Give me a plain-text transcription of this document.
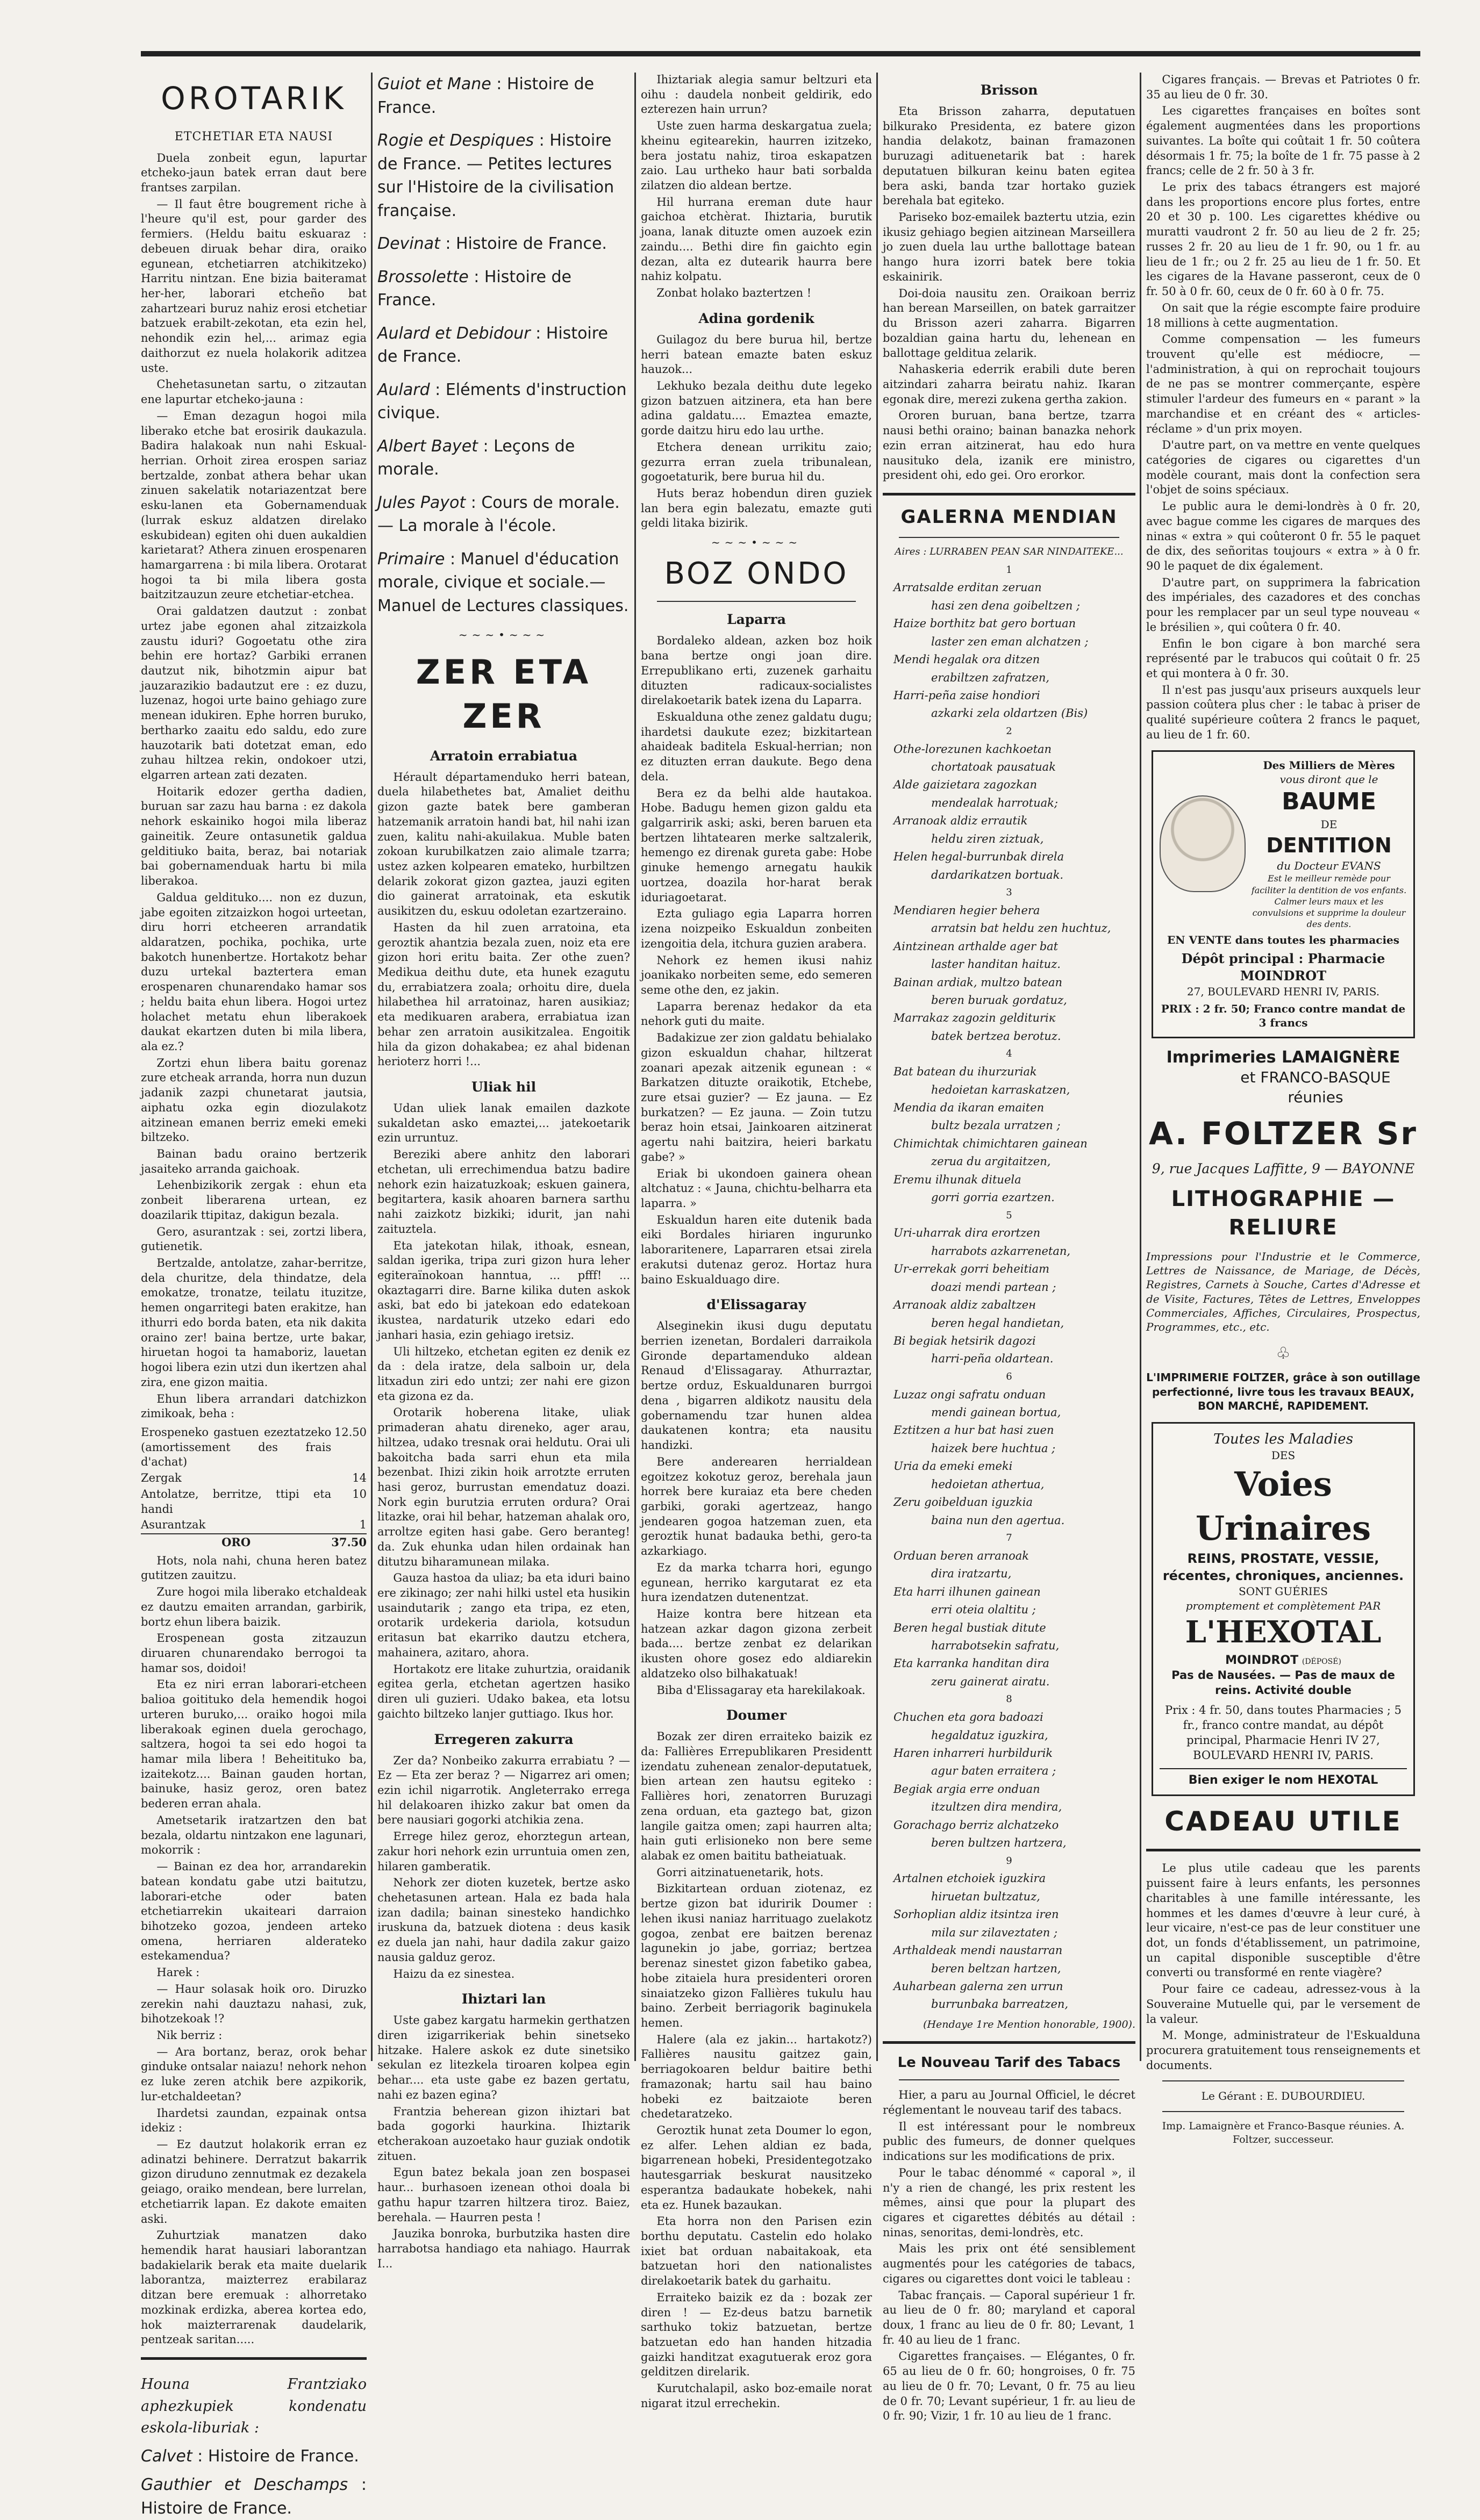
OROTARIK
ETCHETIAR ETA NAUSI

Duela zonbeit egun, lapurtar etcheko-jaun batek erran daut bere frantses zarpilan.

— Il faut être bougrement riche à l'heure qu'il est, pour garder des fermiers. (Heldu baitu eskuaraz : debeuen diruak behar dira, oraiko egunean, etchetiarren atchikitzeko) Harritu nintzan. Ene bizia baiteramat her-her, laborari etcheño bat zahartzeari buruz nahiz erosi etchetiar batzuek erabilt-zekotan, eta ezin hel, nehondik ezin hel,... arimaz egia daithorzut ez nuela holakorik aditzea uste.

Chehetasunetan sartu, o zitzautan ene lapurtar etcheko-jauna :

— Eman dezagun hogoi mila liberako etche bat erosirik daukazula. Badira halakoak nun nahi Eskual-herrian. Orhoit zirea erospen sariaz bertzalde, zonbat athera behar ukan zinuen sakelatik notariazentzat bere esku-lanen eta Gobernamenduak (lurrak eskuz aldatzen direlako eskubidean) egiten ohi duen aukaldien karietarat? Athera zinuen erospenaren hamargarrena : bi mila libera. Orotarat hogoi ta bi mila libera gosta baitzitzauzun zeure etchetiar-etchea.

Orai galdatzen dautzut : zonbat urtez jabe egonen ahal zitzaizkola zaustu iduri? Gogoetatu othe zira behin ere hortaz? Garbiki erranen dautzut nik, bihotzmin aipur bat jauzarazikio badautzut ere : ez duzu, luzenaz, hogoi urte baino gehiago zure menean idukiren. Ephe horren buruko, bertharko zaaitu edo saldu, edo zure hauzotarik bati dotetzat eman, edo zuhau hiltzea rekin, ondokoer utzi, elgarren artean zati dezaten.

Hoitarik edozer gertha dadien, buruan sar zazu hau barna : ez dakola nehork eskainiko hogoi mila liberaz gaineitik. Zeure ontasunetik galdua gelditiuko baita, beraz, bai notariak bai gobernamenduak hartu bi mila liberakoa.

Galdua gelditukо.... non ez duzun, jabe egoiten zitzaizkon hogoi urteetan, diru horri etcheeren arrandatik aldaratzen, pochika, pochika, urte bakotch hunenbertze. Hortakotz behar duzu urtekal baztertera eman erospenaren chunarendako hamar sos ; heldu baita ehun libera. Hogoi urtez holachet metatu ehun liberakoek daukat ekartzen duten bi mila libera, ala ez.?

Zortzi ehun libera baitu gorenaz zure etcheak arranda, horra nun duzun jadanik zazpi chunetarat jautsia, aiphatu ozka egin diozulakotz aitzinean emanen berriz emeki emeki biltzeko.

Bainan badu oraino bertzerik jasaiteko arranda gaichoak.

Lehenbizikorik zergak : ehun eta zonbeit liberarena urtean, ez doazilarik ttipitaz, dakigun bezala.

Gero, asurantzak : sei, zortzi libera, gutienetik.

Bertzalde, antolatze, zahar-berritze, dela churitze, dela thindatze, dela emokatze, tronatze, teilatu ituzitze, hemen ongarritegi baten erakitze, han ithurri edo borda baten, eta nik dakita oraino zer! baina bertze, urte bakar, hiruetan hogoi ta hamaboriz, lauetan hogoi libera ezin utzi dun ikertzen ahal zira, ene gizon maitia.

Ehun libera arrandari datchizkon zimikoak, beha :

Erospeneko gastuen ezeztatzeko (amortissement des frais d'achat)	12.50
Zergak	14
Antolatze, berritze, ttipi eta handi	10
Asurantzak	1
ORO	37.50

Hots, nola nahi, chuna heren batez gutitzen zauitzu.

Zure hogoi mila liberako etchaldeak ez dautzu emaiten arrandan, garbirik, bortz ehun libera baizik.

Erospenean gosta zitzauzun diruaren chunarendako berrogoi ta hamar sos, doidoi!

Eta ez niri erran laborari-etcheen balioa goitituko dela hemendik hogoi urteren buruko,... oraiko hogoi mila liberakoak eginen duela gerochago, saltzera, hogoi ta sei edo hogoi ta hamar mila libera ! Beheitituko ba, izaitekotz.... Bainan gauden hortan, bainuke, hasiz geroz, oren batez bederen erran ahala.

Ametsetarik iratzartzen den bat bezala, oldartu nintzakon ene lagunari, mokorrik :

— Bainan ez dea hor, arrandarekin batean kondatu gabe utzi baitutzu, laborari-etche oder baten etchetiarrekin ukaiteari darraion bihotzeko gozoa, jendeen arteko omena, herriaren alderateko estekamendua?

Harek :

— Haur solasak hoik oro. Diruzko zerekin nahi dauztazu nahasi, zuk, bihotzekoak !?

Nik berriz :

— Ara bortanz, beraz, orok behar ginduke ontsalar naiazu! nehork nehon ez luke zeren atchik bere azpikorik, lur-etchaldeetan?

Ihardetsi zaundan, ezpainak ontsa idekiz :

— Ez dautzut holakorik erran ez adinatzi behinere. Derratzut bakarrik gizon diruduno zennutmak ez dezakela geiago, oraiko mendean, bere lurrelan, etchetiarrik lapan. Ez dakote emaiten aski.

Zuhurtziak manatzen dako hemendik harat hausiari laborantzan badakielarik berak eta maite duelarik laborantza, maizterrez erabilaraz ditzan bere eremuak : alhorretako mozkinak erdizka, aberea kortea edo, hok maizterrarenak daudelarik, pentzeak saritan.....

Houna Frantziako aphezkupiek kondenatu eskola-liburiak :

Calvet : Histoire de France.

Gauthier et Deschamps : Histoire de France.

Guiot et Mane : Histoire de France.

Rogie et Despiques : Histoire de France. — Petites lectures sur l'Histoire de la civilisation française.

Devinat : Histoire de France.

Brossolette : Histoire de France.

Aulard et Debidour : Histoire de France.

Aulard : Eléments d'instruction civique.

Albert Bayet : Leçons de morale.

Jules Payot : Cours de morale. — La morale à l'école.

Primaire : Manuel d'éducation morale, civique et sociale.— Manuel de Lectures classiques.

~~~•~~~
ZER ETA ZER
Arratoin errabiatua

Hérault départamenduko herri batean, duela hilabethetes bat, Amaliet deithu gizon gazte batek bere gamberan hatzemanik arratoin handi bat, hil nahi izan zuen, kalitu nahi-akuilakua. Muble baten zokoan kurubilkatzen zaio alimale tzarra; ustez azken kolpearen emateko, hurbiltzen delarik zokorat gizon gaztea, jauzi egiten dio gainerat arratoinak, eta eskutik ausikitzen du, eskuu odoletan ezartzeraino.

Hasten da hil zuen arratoina, eta geroztik ahantzia bezala zuen, noiz eta ere gizon hori eritu baita. Zer othe zuen? Medikua deithu dute, eta hunek ezagutu du, errabiatzera zoala; orhoitu dire, duela hilabethea hil arratoinaz, haren ausikiaz; eta medikuaren arabera, errabiatua izan behar zen arratoin ausikitzalea. Engoitik hila da gizon dohakabea; ez ahal bidenan herioterz horri !...

Uliak hil

Udan uliek lanak emailen dazkote sukaldetan asko emaztei,... jatekoetarik ezin urruntuz.

Bereziki abere anhitz den laborari etchetan, uli errechimendua batzu badire nehork ezin haizatuzkoak; eskuen gainera, begitartera, kasik ahoaren barnera sarthu nahi zaizkotz bizkiki; idurit, jan nahi zaituztela.

Eta jatekotan hilak, ithoak, esnean, saldan igerika, tripa zuri gizon hura leher egiteraïnokoan hanntua, ... pfff! ... okaztagarri dire. Barne kilika duten askok aski, bat edo bi jatekoan edo edatekoan ikustea, nardaturik utzeko edari edo janhari hasia, ezin gehiago iretsiz.

Uli hiltzeko, etchetan egiten ez denik ez da : dela iratze, dela salboin ur, dela litxadun ziri edo untzi; zer nahi ere gizon eta gizona ez da.

Orotarik hoberena litake, uliak primaderan ahatu direnekо, ager arau, hiltzea, udako tresnak orai heldutu. Orai uli bakoitcha bada sarri ehun eta mila bezenbat. Ihizi zikin hoik arrotzte erruten hasi geroz, burrustan emendatuz doazi. Nork egin burutzia erruten ordura? Orai litazke, orai hil behar, hatzeman ahalak oro, arroltze egiten hasi gabe. Gero beranteg! da. Zuk ehunka udan hilen ordainak han ditutzu biharamunean milaka.

Gauza hastoa da uliaz; ba eta iduri baino ere zikinago; zer nahi hilki ustel eta husikin usaindutarik ; zango eta tripa, ez eten, orotarik urdekeria dariola, kotsudun eritasun bat ekarriko dautzu etchera, mahainera, azitaro, ahora.

Hortakotz ere litake zuhurtzia, oraidanik egitea gerla, etchetan agertzen hasiko diren uli guzieri. Udako bakea, eta lotsu gaichto biltzeko lanjer guttiago. Ikus hor.

Erregeren zakurra

Zer da? Nonbeiko zakurra errabiatu ? — Ez — Eta zer beraz ? — Nigarrez ari omen; ezin ichil nigarrotik. Angleterrako errega hil delakoaren ihizko zakur bat omen da bere nausiari gogorki atchikia zena.

Errege hilez geroz, ehorztegun artean, zakur hori nehork ezin urruntuia omen zen, hilaren gamberatik.

Nehork zer dioten kuzetek, bertze asko chehetasunen artean. Hala ez bada hala izan dadila; bainan sinesteko handichko iruskuna da, batzuek diotena : deus kasik ez duela jan nahi, haur dadila zakur gaizo nausia galduz geroz.

Haizu da ez sinestea.

Ihiztari lan

Uste gabez kargatu harmekin gerthatzen diren izigarrikeriak behin sinetseko hitzake. Halere askok ez dute sinetsiko sekulan ez litezkela tiroaren kolpea egin behar.... eta uste gabe ez bazen gertatu, nahi ez bazen egina?

Frantzia beherean gizon ihiztari bat bada gogorki haurkina. Ihiztarik etcherakoan auzoetako haur guziak ondotik zituen.

Egun batez bekala joan zen bospasei haur... burhasoen izenean othoi doala bi gathu hapur tzarren hiltzera tiroz. Baiez, berehala. — Haurren pesta !

Jauzika bonroka, burbutzika hasten dire harrabotsa handiago eta nahiago. Haurrak I...

Ihiztariak alegia samur beltzuri eta oihu : daudela nonbeit geldirik, edo ezterezen hain urrun?

Uste zuen harma deskargatua zuela; kheinu egitearekin, haurren izitzeko, bera jostatu nahiz, tiroa eskapatzen zaio. Lau urtheko haur bati sorbalda zilatzen dio aldean bertze.

Hil hurrana ereman dute haur gaichoa etchèrat. Ihiztaria, burutik joana, lanak dituzte omen auzoek ezin zaindu.... Bethi dire fin gaichto egin dezan, alta ez dutearik haurra bere nahiz kolpatu.

Zonbat holako baztertzen !

Adina gordenik

Guilagoz du bere burua hil, bertze herri batean emazte baten eskuz hauzok...

Lekhuko bezala deithu dute legeko gizon batzuen aitzinera, eta han bere adina galdatu.... Emaztea emazte, gorde daitzu hiru edo lau urthe.

Etchera denean urrikitu zaio; gezurra erran zuela tribunalean, gogoetaturik, bere burua hil du.

Huts beraz hobendun diren guziek lan bera egin balezatu, emazte guti geldi litaka bizirik.

~~~•~~~
BOZ ONDO
Laparra

Bordaleko aldean, azken boz hoik bana bertze ongi joan dire. Errepublikano erti, zuzenek garhaitu dituzten radicaux-socialistes direlakoetarik batek izena du Laparra.

Eskualduna othe zenez galdatu dugu; ihardetsi daukute ezez; bizkitartean ahaideak baditela Eskual-herrian; non ez dituzten erran daukute. Bego dena dela.

Bera ez da belhi alde hautakoa. Hobe. Badugu hemen gizon galdu eta galgarririk aski; aski, beren baruen eta bertzen lihtatearen merke saltzalerik, hemengo ez direnak gureta gabe: Hobe ginuke hemengo arnegatu haukik uortzea, doazila hor-harat berak iduriagoetarat.

Ezta guliago egia Laparra horren izena noizpeiko Eskualdun zonbeiten izengoitia dela, itchura guzien arabera.

Nehork ez hemen ikusi nahiz joanikako norbeiten seme, edo semeren seme othe den, ez jakin.

Laparra berenaz hedakor da eta nehork guti du maite.

Badakizue zer zion galdatu behialako gizon eskualdun chahar, hiltzerat zoanari apezak aitzenik egunean : « Barkatzen dituzte oraikotik, Etchebe, zure etsai guzier? — Ez jauna. — Ez burkatzen? — Ez jauna. — Zoin tutzu beraz hoin etsai, Jainkoaren aitzinerat agertu nahi baitzira, heieri barkatu gabe? »

Eriak bi ukondoen gainera ohean altchatuz : « Jauna, chichtu-belharra eta laparra. »

Eskualdun haren eite dutenik bada eiki Bordales hiriaren ingurunko laboraritenere, Laparraren etsai zirela erakutsi dutenaz geroz. Hortaz hura baino Eskualduago dire.

d'Elissagaray

Alseginekin ikusi dugu deputatu berrien izenetan, Bordaleri darraikola Gironde departamenduko aldean Renaud d'Elissagaray. Athurraztar, bertze orduz, Eskualdunaren burrgoi dena , bigarren aldikotz nausitu dela gobernamendu tzar hunen aldea daukatenen kontra; eta nausitu handizki.

Bere anderearen herrialdean egoitzez kokotuz geroz, berehala jaun horrek bere kuraiaz eta bere cheden garbiki, goraki agertzeaz, hango jendearen gogoa hatzeman zuen, eta geroztik hunat badauka bethi, gero-ta azkarkiago.

Ez da marka tcharra hori, egungo egunean, herriko kargutarat ez eta hura izendatzen dutenentzat.

Haize kontra bere hitzean eta hatzean azkar dagon gizona zerbeit bada.... bertze zenbat ez delarikan ikusten ohore gosez edo aldiarekin aldatzeko olso bilhakatuak!

Biba d'Elissagaray eta harekilakoak.

Doumer

Bozak zer diren erraiteko baizik ez da: Fallières Errepublikaren Presidentt izendatu zuhenean zenalor-deputatuek, bien artean zen hautsu egiteko : Fallières hori, zenatorren Buruzagi zena orduan, eta gaztego bat, gizon langile gaitza omen; zapi haurren alta; hain guti erlisioneko non bere seme alabak ez omen baititu batheiatuak.

Gorri aitzinatuenetarik, hots.

Bizkitartean orduan ziotenaz, ez bertze gizon bat iduririk Doumer : lehen ikusi naniaz harrituago zuelakotz gogoa, zenbat ere baitzen berenaz lagunekin jo jabe, gorriaz; bertzea berenaz sinestet gizon fabetiko gabea, hobe zitaiela hura presidenteri ororen sinaiatzeko gizon Fallières tukulu hau baino. Zerbeit berriagorik baginukela hemen.

Halere (ala ez jakin... hartakotz?) Fallières nausitu gaitzez gain, berriagokoaren beldur baitire bethi framazonak; hartu sail hau baino hobeki ez baitzaiote beren chedetaratzeko.

Geroztik hunat zeta Doumer lo egon, ez alfer. Lehen aldian ez bada, bigarrenean hobeki, Presidentegotzako hautesgarriak beskurat nausitzeko esperantza badaukate hobekek, nahi eta ez. Hunek bazaukan.

Eta horra non den Parisen ezin borthu deputatu. Castelin edo holako ixiet bat orduan nabaitakoak, eta batzuetan hori den nationalistes direlakoetarik batek du garhaitu.

Erraiteko baizik ez da : bozak zer diren ! — Ez-deus batzu barnetik sarthuko tokiz batzuetan, bertze batzuetan edo han handen hitzadia gaizki handitzat exagutuerak eroz gora gelditzen direlarik.

Kurutchalapil, asko boz-emaile norat nigarat itzul errechekin.

Brisson

Eta Brisson zaharra, deputatuen bilkurako Presidenta, ez batere gizon handia delakotz, bainan framazonen buruzagi adituenetarik bat : harek deputatuen bilkuran keinu baten egitea bera aski, banda tzar hortako guziek berehala bat egiteko.

Pariseko boz-emailek baztertu utzia, ezin ikusiz gehiago begien aitzinean Marseillera jo zuen duela lau urthe ballottage batean hango hura izorri batek bere tokia eskainirik.

Doi-doia nausitu zen. Oraikoan berriz han berean Marseillen, on batek garraitzer du Brisson azeri zaharra. Bigarren bozaldian gaina hartu du, lehenean en ballottage gelditua zelarik.

Nahaskeria ederrik erabili dute beren aitzindari zaharra beiratu nahiz. Ikaran egonak dire, merezi zukena gertha zakion.

Ororen buruan, bana bertze, tzarra nausi bethi oraino; bainan banazka nehork ezin erran aitzinerat, hau edo hura nausituko dela, izanik ere ministro, president ohi, edo gei. Oro erorkor.

GALERNA MENDIAN

Aires : LURRABEN PEAN SAR NINDAITEKE...

1

Arratsalde erditan zeruan

hasi zen dena goibeltzen ;

Haize borthitz bat gero bortuan

laster zen eman alchatzen ;

Mendi hegalak ora ditzen

erabiltzen zafratzen,

Harri-peña zaise hondiori

azkarki zela oldartzen (Bis)

2

Othe-lorezunen kachkoetan

chortatoak pausatuak

Alde gaizietara zagozkan

mendealak harrotuak;

Arranoak aldiz errautik

heldu ziren ziztuak,

Helen hegal-burrunbak direla

dardarikatzen bortuak.

3

Mendiaren hegier behera

arratsin bat heldu zen huchtuz,

Aintzinean arthalde ager bat

laster handitan haituz.

Bainan ardiak, multzo batean

beren buruak gordatuz,

Marrakaz zagozin geldituriк

batek bertzea berotuz.

4

Bat batean du ihurzuriak

hedoietan karraskatzen,

Mendia da ikaran emaiten

bultz bezala urratzen ;

Chimichtak chimichtaren gainean

zerua du argitaitzen,

Eremu ilhunak dituela

gorri gorria ezartzen.

5

Uri-uharrak dira erortzen

harrabots azkarrenetan,

Ur-errekak gorri beheitiaт

doazi mendi partean ;

Arranoak aldiz zabaltzeн

beren hegal handietan,

Bi begiak hetsirik dagozi

harri-peña oldartean.

6

Luzaz ongi safratu onduan

mendi gainean bortua,

Eztitzen a hur bat hasi zuen

haizek bere huchtua ;

Uria da emeki emeki

hedoietan athertua,

Zeru goibelduan iguzkia

baina nun den agertua.

7

Orduan beren arranoak

dira iratzartu,

Eta harri ilhunen gainean

erri oteia olaltitu ;

Beren hegal bustiak ditute

harrabotsekin safratu,

Eta karranka handitan dira

zeru gainerat airatu.

8

Chuchen eta gora badoazi

hegaldatuz iguzkira,

Haren inharreri hurbildurik

agur baten erraitera ;

Begiak argia erre onduan

itzultzen dira mendira,

Gorachago berriz alchatzeko

beren bultzen hartzera,

9

Artalnen etchoiek iguzkira

hiruetan bultzatuz,

Sorhoplian aldiz itsintza iren

mila sur zilaveztaten ;

Arthaldeak mendi naustarran

beren beltzan hartzen,

Auharbean galerna zen urrun

burrunbaka barreatzen,

(Hendaye 1re Mention honorable, 1900).

Le Nouveau Tarif des Tabacs

Hier, a paru au Journal Officiel, le décret réglementant le nouveau tarif des tabacs.

Il est intéressant pour le nombreux public des fumeurs, de donner quelques indications sur les modifications de prix.

Pour le tabac dénommé « caporal », il n'y a rien de changé, les prix restent les mêmes, ainsi que pour la plupart des cigares et cigarettes débités au détail : ninas, senoritas, demi-londrès, etc.

Mais les prix ont été sensiblement augmentés pour les catégories de tabacs, cigares ou cigarettes dont voici le tableau :

Tabac français. — Caporal supérieur 1 fr. au lieu de 0 fr. 80; maryland et caporal doux, 1 franc au lieu de 0 fr. 80; Levant, 1 fr. 40 au lieu de 1 franc.

Cigarettes françaises. — Elégantes, 0 fr. 65 au lieu de 0 fr. 60; hongroises, 0 fr. 75 au lieu de 0 fr. 70; Levant, 0 fr. 75 au lieu de 0 fr. 70; Levant supérieur, 1 fr. au lieu de 0 fr. 90; Vizir, 1 fr. 10 au lieu de 1 franc.

Cigares français. — Brevas et Patriotes 0 fr. 35 au lieu de 0 fr. 30.

Les cigarettes françaises en boîtes sont également augmentées dans les proportions suivantes. La boîte qui coûtait 1 fr. 50 coûtera désormais 1 fr. 75; la boîte de 1 fr. 75 passe à 2 francs; celle de 2 fr. 50 à 3 fr.

Le prix des tabacs étrangers est majoré dans les proportions encore plus fortes, entre 20 et 30 p. 100. Les cigarettes khédive ou muratti vaudront 2 fr. 50 au lieu de 2 fr. 25; russes 2 fr. 20 au lieu de 1 fr. 90, ou 1 fr. au lieu de 1 fr.; ou 2 fr. 25 au lieu de 1 fr. 50. Et les cigares de la Havane passeront, ceux de 0 fr. 50 à 0 fr. 60, ceux de 0 fr. 60 à 0 fr. 75.

On sait que la régie escompte faire produire 18 millions à cette augmentation.

Comme compensation — les fumeurs trouvent qu'elle est médiocre, — l'administration, à qui on reprochait toujours de ne pas se montrer commerçante, espère stimuler l'ardeur des fumeurs en « parant » la marchandise et en créant des « articles-réclame » d'un prix moyen.

D'autre part, on va mettre en vente quelques catégories de cigares ou cigarettes d'un modèle courant, mais dont la confection sera l'objet de soins spéciaux.

Le public aura le demi-londrès à 0 fr. 20, avec bague comme les cigares de marques des ninas « extra » qui coûteront 0 fr. 55 le paquet de dix, des señoritas toujours « extra » à 0 fr. 90 le paquet de dix également.

D'autre part, on supprimera la fabrication des impériales, des cazadores et des conchas pour les remplacer par un seul type nouveau « le brésilien », qui coûtera 0 fr. 40.

Enfin le bon cigare à bon marché sera représenté par le trabucos qui coûtait 0 fr. 25 et qui montera à 0 fr. 30.

Il n'est pas jusqu'aux priseurs auxquels leur passion coûtera plus cher : le tabac à priser de qualité supérieure coûtera 2 francs le paquet, au lieu de 1 fr. 60.

Des Milliers de Mères
vous diront que le
BAUME
DE
DENTITION
du Docteur EVANS
Est le meilleur remède pour faciliter la dentition de vos enfants. Calmer leurs maux et les convulsions et supprime la douleur des dents.
EN VENTE dans toutes les pharmacies
Dépôt principal : Pharmacie MOINDROT
27, BOULEVARD HENRI IV, PARIS.
PRIX : 2 fr. 50; Franco contre mandat de 3 francs
Imprimeries LAMAIGNÈRE
et FRANCO-BASQUE réunies
A. FOLTZER Sr
9, rue Jacques Laffitte, 9 — BAYONNE
LITHOGRAPHIE — RELIURE
Impressions pour l'Industrie et le Commerce, Lettres de Naissance, de Mariage, de Décès, Registres, Carnets à Souche, Cartes d'Adresse et de Visite, Factures, Têtes de Lettres, Enveloppes Commerciales, Affiches, Circulaires, Prospectus, Programmes, etc., etc.
♧
L'IMPRIMERIE FOLTZER, grâce à son outillage perfectionné, livre tous les travaux BEAUX, BON MARCHÉ, RAPIDEMENT.
Toutes les Maladies
DES
Voies Urinaires
REINS, PROSTATE, VESSIE,
récentes, chroniques, anciennes.
SONT GUÉRIES
promptement et complètement PAR
L'HEXOTAL MOINDROT (DÉPOSÉ)
Pas de Nausées. — Pas de maux de reins. Activité double
Prix : 4 fr. 50, dans toutes Pharmacies ; 5 fr., franco contre mandat, au dépôt principal, Pharmacie Henri IV 27, BOULEVARD HENRI IV, PARIS.
Bien exiger le nom HEXOTAL
CADEAU UTILE

Le plus utile cadeau que les parents puissent faire à leurs enfants, les personnes charitables à une famille intéressante, les hommes et les dames d'œuvre à leur curé, à leur vicaire, n'est-ce pas de leur constituer une dot, un fonds d'établissement, un patrimoine, un capital disponible susceptible d'être converti ou transformé en rente viagère?

Pour faire ce cadeau, adressez-vous à la Souveraine Mutuelle qui, par le versement de la valeur.

M. Monge, administrateur de l'Eskualduna procurera gratuitement tous renseignements et documents.

Le Gérant : E. DUBOURDIEU.
Imp. Lamaignère et Franco-Basque réunies. A. Foltzer, successeur.
